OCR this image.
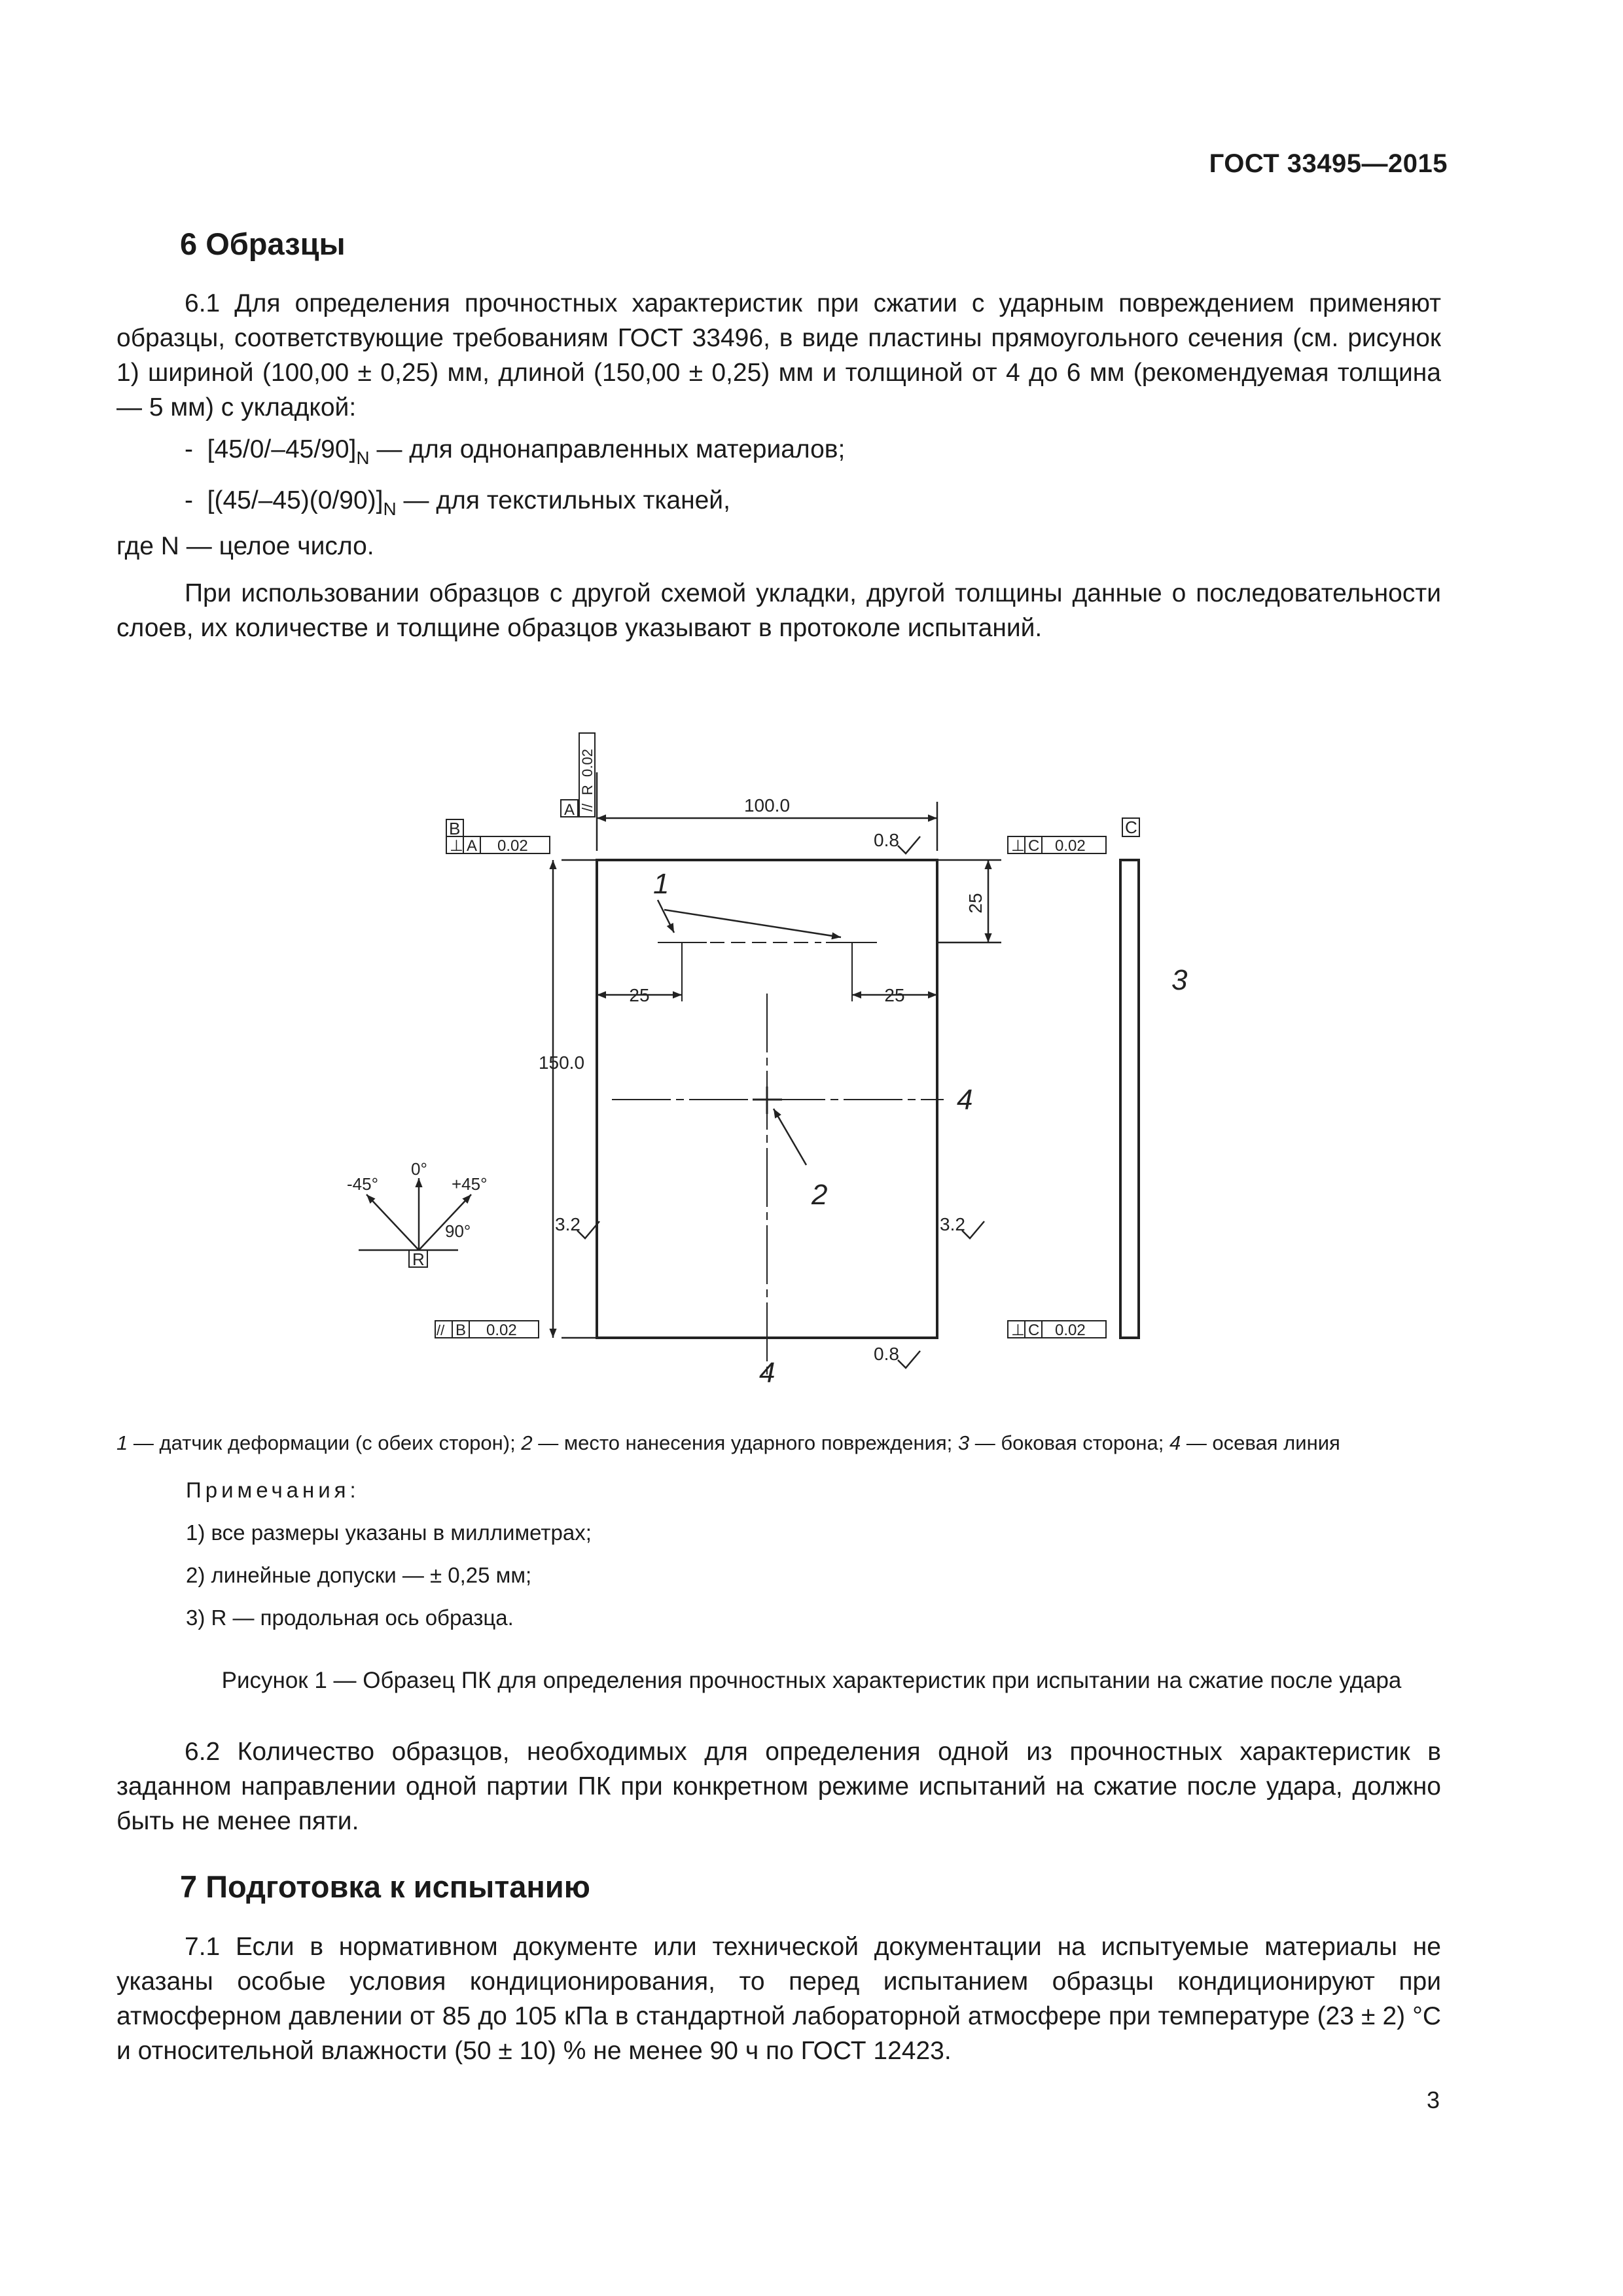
ГОСТ 33495—2015
6 Образцы
6.1 Для определения прочностных характеристик при сжатии с ударным повреждением применяют образцы, соответствующие требованиям ГОСТ 33496, в виде пластины прямоугольного сечения (см. рисунок 1) шириной (100,00 ± 0,25) мм, длиной (150,00 ± 0,25) мм и толщиной от 4 до 6 мм (рекомендуемая толщина — 5 мм) с укладкой:
- $[45/0/-45/90]_N$ — для однонаправленных материалов;
- $[(45/-45)(0/90)]_N$ — для текстильных тканей,
где N — целое число.
При использовании образцов с другой схемой укладки, другой толщины данные о последовательности слоев, их количестве и толщине образцов указывают в протоколе испытаний.
100.0
150.0
25
25	25
0.8
0.8
3.2	3.2
B	C
A
R
⊥ A 0.02	⊥ C 0.02
// B 0.02	⊥ C 0.02
//
R
0.02
0°
-45°	+45°
90°
1
2
3
4
4
1 — датчик деформации (с обеих сторон); 2 — место нанесения ударного повреждения; 3 — боковая сторона; 4 — осевая линия
Примечания:
1) все размеры указаны в миллиметрах;
2) линейные допуски — ± 0,25 мм;
3) R — продольная ось образца.
Рисунок 1 — Образец ПК для определения прочностных характеристик при испытании на сжатие после удара
6.2 Количество образцов, необходимых для определения одной из прочностных характеристик в заданном направлении одной партии ПК при конкретном режиме испытаний на сжатие после удара, должно быть не менее пяти.
7 Подготовка к испытанию
7.1 Если в нормативном документе или технической документации на испытуемые материалы не указаны особые условия кондиционирования, то перед испытанием образцы кондиционируют при атмосферном давлении от 85 до 105 кПа в стандартной лабораторной атмосфере при температуре (23 ± 2) °С и относительной влажности (50 ± 10) % не менее 90 ч по ГОСТ 12423.
3
